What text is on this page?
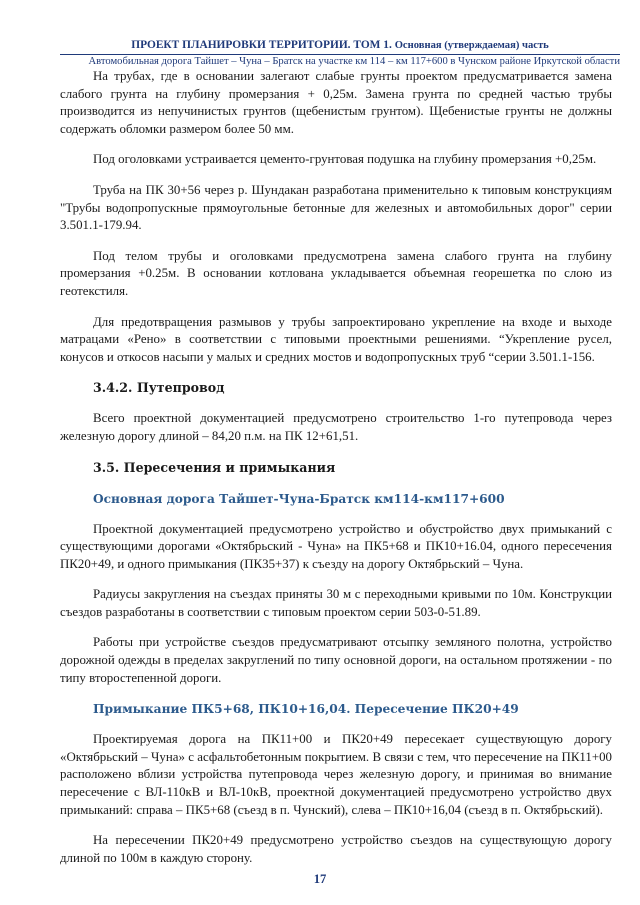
ПРОЕКТ ПЛАНИРОВКИ ТЕРРИТОРИИ. ТОМ 1. Основная (утверждаемая) часть
Автомобильная дорога Тайшет – Чуна – Братск на участке км 114 – км 117+600 в Чунском районе Иркутской области

На трубах, где в основании залегают слабые грунты проектом предусматривается замена слабого грунта на глубину промерзания + 0,25м. Замена грунта по средней частью трубы производится из непучинистых грунтов (щебенистым грунтом). Щебенистые грунты не должны содержать обломки размером более 50 мм.

Под оголовками устраивается цементо-грунтовая подушка на глубину промерзания +0,25м.

Труба на ПК 30+56 через р. Шундакан разработана применительно к типовым конструкциям "Трубы водопропускные прямоугольные бетонные для железных и автомобильных дорог" серии 3.501.1-179.94.

Под телом трубы и оголовками предусмотрена замена слабого грунта на глубину промерзания +0.25м. В основании котлована укладывается объемная георешетка по слою из геотекстиля.

Для предотвращения размывов у трубы запроектировано укрепление на входе и выходе матрацами «Рено» в соответствии с типовыми проектными решениями. “Укрепление русел, конусов и откосов насыпи у малых и средних мостов и водопропускных труб “серии 3.501.1-156.

3.4.2. Путепровод

Всего проектной документацией предусмотрено строительство 1-го путепровода через железную дорогу длиной – 84,20 п.м. на ПК 12+61,51.

3.5. Пересечения и примыкания
Основная дорога Тайшет-Чуна-Братск км114-км117+600

Проектной документацией предусмотрено устройство и обустройство двух примыканий с существующими дорогами «Октябрьский - Чуна» на ПК5+68 и ПК10+16.04, одного пересечения ПК20+49, и одного примыкания (ПК35+37) к съезду на дорогу Октябрьский – Чуна.

Радиусы закругления на съездах приняты 30 м с переходными кривыми по 10м. Конструкции съездов разработаны в соответствии с типовым проектом серии 503-0-51.89.

Работы при устройстве съездов предусматривают отсыпку земляного полотна, устройство дорожной одежды в пределах закруглений по типу основной дороги, на остальном протяжении - по типу второстепенной дороги.

Примыкание ПК5+68, ПК10+16,04. Пересечение ПК20+49

Проектируемая дорога на ПК11+00 и ПК20+49 пересекает существующую дорогу «Октябрьский – Чуна» с асфальтобетонным покрытием. В связи с тем, что пересечение на ПК11+00 расположено вблизи устройства путепровода через железную дорогу, и принимая во внимание пересечение с ВЛ-110кВ и ВЛ-10кВ, проектной документацией предусмотрено устройство двух примыканий: справа – ПК5+68 (съезд в п. Чунский), слева – ПК10+16,04 (съезд в п. Октябрьский).

На пересечении ПК20+49 предусмотрено устройство съездов на существующую дорогу длиной по 100м в каждую сторону.

17
